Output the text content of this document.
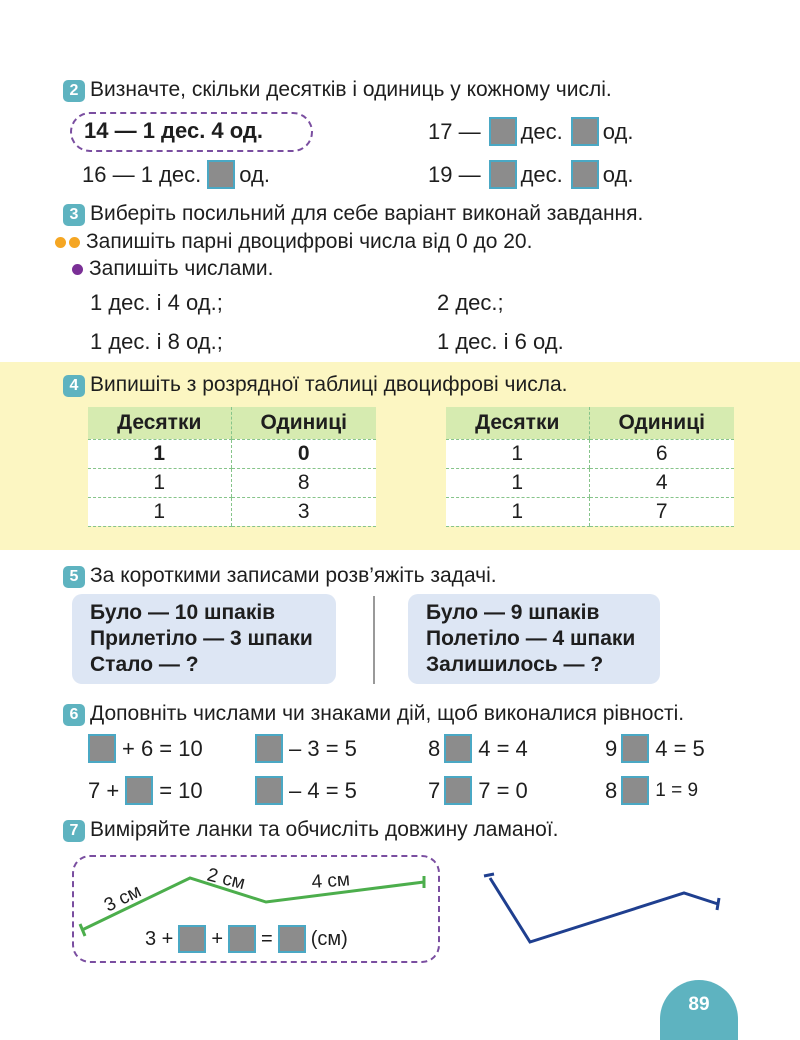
2 Визначте, скільки десятків і одиниць у кожному числі.
14 — 1 дес. 4 од.	17 — дес. од.
16 — 1 дес. од.	19 — дес. од.
3 Виберіть посильний для себе варіант виконай завдання.
Запишіть парні двоцифрові числа від 0 до 20.
Запишіть числами.
1 дес. і 4 од.;	2 дес.;
1 дес. і 8 од.;	1 дес. і 6 од.
4 Випишіть з розрядної таблиці двоцифрові числа.
Десятки	Одиниці
1	0
1	8
1	3
Десятки	Одиниці
1	6
1	4
1	7
5 За короткими записами розв’яжіть задачі.
Було — 10 шпаків
Прилетіло — 3 шпаки
Стало — ?
Було — 9 шпаків
Полетіло — 4 шпаки
Залишилось — ?
6 Доповніть числами чи знаками дій, щоб виконалися рівності.
+ 6 = 10	– 3 = 5	8 4 = 4	9 4 = 5
7 + = 10	– 4 = 5	7 7 = 0	8 1 = 9
7 Виміряйте ланки та обчисліть довжину ламаної.
3 см
2 см	4 см
3 + + = (см)
89
